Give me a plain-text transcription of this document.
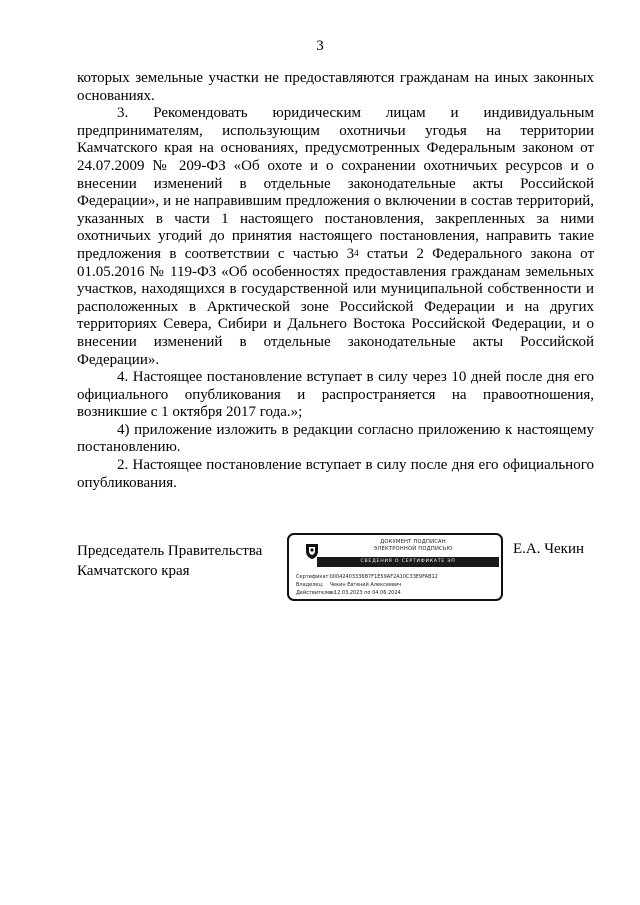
3

которых земельные участки не предоставляются гражданам на иных законных основаниях.

3. Рекомендовать юридическим лицам и индивидуальным предпринимателям, использующим охотничьи угодья на территории Камчатского края на основаниях, предусмотренных Федеральным законом от 24.07.2009 № 209-ФЗ «Об охоте и о сохранении охотничьих ресурсов и о внесении изменений в отдельные законодательные акты Российской Федерации», и не направившим предложения о включении в состав территорий, указанных в части 1 настоящего постановления, закрепленных за ними охотничьих угодий до принятия настоящего постановления, направить такие предложения в соответствии с частью $3^4$ статьи 2 Федерального закона от 01.05.2016 № 119-ФЗ «Об особенностях предоставления гражданам земельных участков, находящихся в государственной или муниципальной собственности и расположенных в Арктической зоне Российской Федерации и на других территориях Севера, Сибири и Дальнего Востока Российской Федерации, и о внесении изменений в отдельные законодательные акты Российской Федерации».

4. Настоящее постановление вступает в силу через 10 дней после дня его официального опубликования и распространяется на правоотношения, возникшие с 1 октября 2017 года.»;

4) приложение изложить в редакции согласно приложению к настоящему постановлению.

2. Настоящее постановление вступает в силу после дня его официального опубликования.

Председатель Правительства
Камчатского края
ДОКУМЕНТ ПОДПИСАН
ЭЛЕКТРОННОЙ ПОДПИСЬЮ
СВЕДЕНИЯ О СЕРТИФИКАТЕ ЭП
Сертификат: 00042403336B7F1E59AF2A10C33E9FAB12
Владелец: Чекин Евгений Алексеевич
Действителен: с 12.03.2023 по 04.06.2024
Е.А. Чекин
